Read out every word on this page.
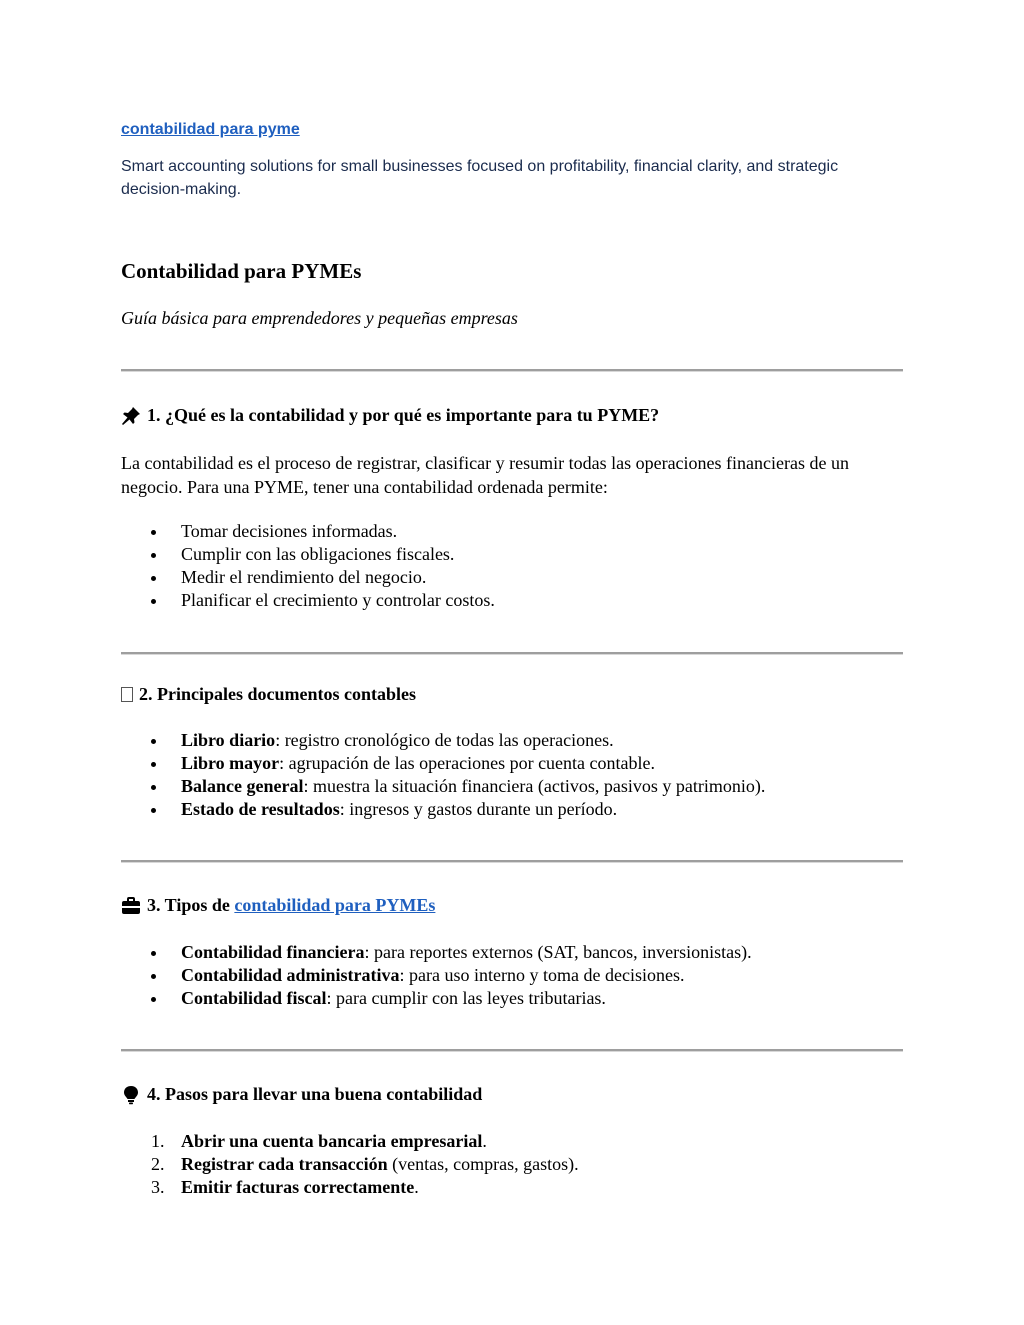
contabilidad para pyme

Smart accounting solutions for small businesses focused on profitability, financial clarity, and strategic decision-making.

Contabilidad para PYMEs

Guía básica para emprendedores y pequeñas empresas

1. ¿Qué es la contabilidad y por qué es importante para tu PYME?

La contabilidad es el proceso de registrar, clasificar y resumir todas las operaciones financieras de un negocio. Para una PYME, tener una contabilidad ordenada permite:

Tomar decisiones informadas.
Cumplir con las obligaciones fiscales.
Medir el rendimiento del negocio.
Planificar el crecimiento y controlar costos.
2. Principales documentos contables
Libro diario: registro cronológico de todas las operaciones.
Libro mayor: agrupación de las operaciones por cuenta contable.
Balance general: muestra la situación financiera (activos, pasivos y patrimonio).
Estado de resultados: ingresos y gastos durante un período.
3. Tipos de contabilidad para PYMEs
Contabilidad financiera: para reportes externos (SAT, bancos, inversionistas).
Contabilidad administrativa: para uso interno y toma de decisiones.
Contabilidad fiscal: para cumplir con las leyes tributarias.
4. Pasos para llevar una buena contabilidad
1. Abrir una cuenta bancaria empresarial.
2. Registrar cada transacción (ventas, compras, gastos).
3. Emitir facturas correctamente.
